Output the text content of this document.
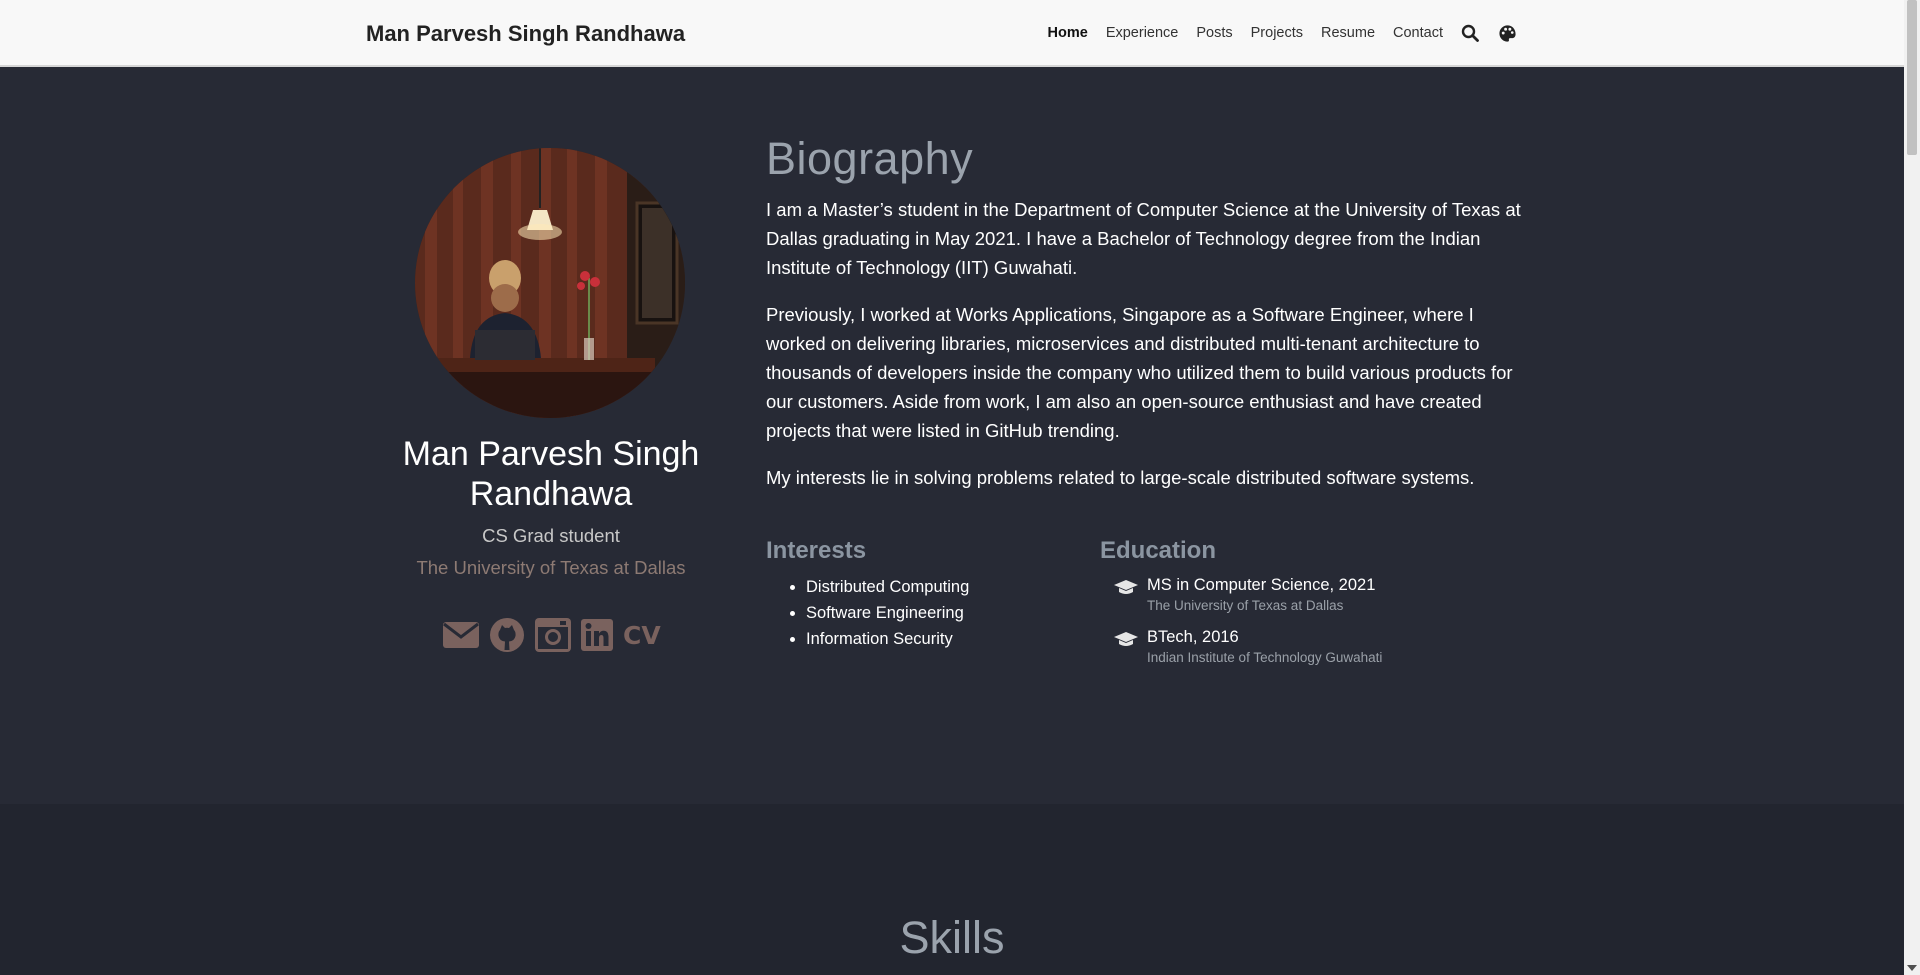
Man Parvesh Singh Randhawa	Home Experience Posts Projects Resume Contact
Man Parvesh Singh Randhawa
CS Grad student
The University of Texas at Dallas
CV
Biography

I am a Master’s student in the Department of Computer Science at the University of Texas at Dallas graduating in May 2021. I have a Bachelor of Technology degree from the Indian Institute of Technology (IIT) Guwahati.

Previously, I worked at Works Applications, Singapore as a Software Engineer, where I worked on delivering libraries, microservices and distributed multi-tenant architecture to thousands of developers inside the company who utilized them to build various products for our customers. Aside from work, I am also an open-source enthusiast and have created projects that were listed in GitHub trending.

My interests lie in solving problems related to large-scale distributed software systems.

Interests
• Distributed Computing
• Software Engineering
• Information Security
Education
MS in Computer Science, 2021
The University of Texas at Dallas
BTech, 2016
Indian Institute of Technology Guwahati
Skills
